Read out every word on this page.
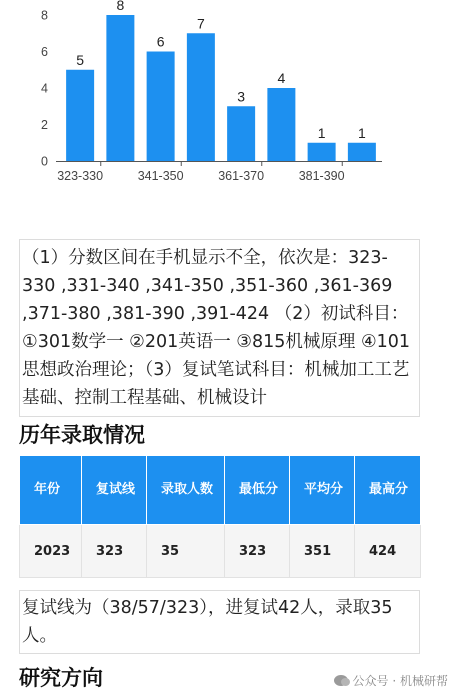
0
2
4
6
8
5
8
6
7
3
4
1 1
323-330	341-350	361-370	381-390
（1）分数区间在手机显示不全，依次是：323-330 ,331-340 ,341-350 ,351-360 ,361-369 ,371-380 ,381-390 ,391-424 （2）初试科目：①301数学一 ②201英语一 ③815机械原理 ④101思想政治理论；（3）复试笔试科目：机械加工工艺基础、控制工程基础、机械设计
历年录取情况
年份	复试线	录取人数	最低分	平均分	最高分
2023	323	35	323	351	424
复试线为（38/57/323），进复试42人，录取35人。
研究方向	公众号 · 机械研帮
